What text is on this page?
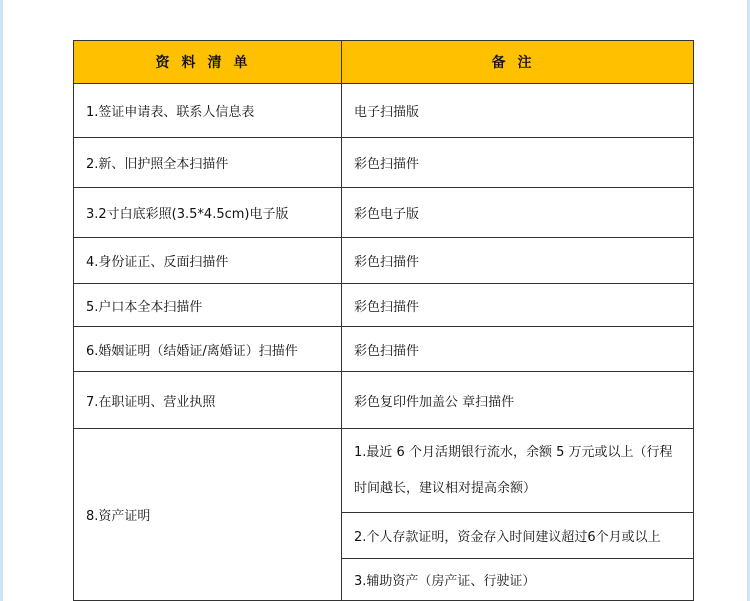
资料清单	备注
1.签证申请表、联系人信息表	电子扫描版
2.新、旧护照全本扫描件	彩色扫描件
3.2寸白底彩照(3.5*4.5cm)电子版	彩色电子版
4.身份证正、反面扫描件	彩色扫描件
5.户口本全本扫描件	彩色扫描件
6.婚姻证明（结婚证/离婚证）扫描件	彩色扫描件
7.在职证明、营业执照	彩色复印件加盖公 章扫描件
8.资产证明	1.最近 6 个月活期银行流水，余额 5 万元或以上（行程时间越长，建议相对提高余额）
	2.个人存款证明，资金存入时间建议超过6个月或以上
	3.辅助资产（房产证、行驶证）
